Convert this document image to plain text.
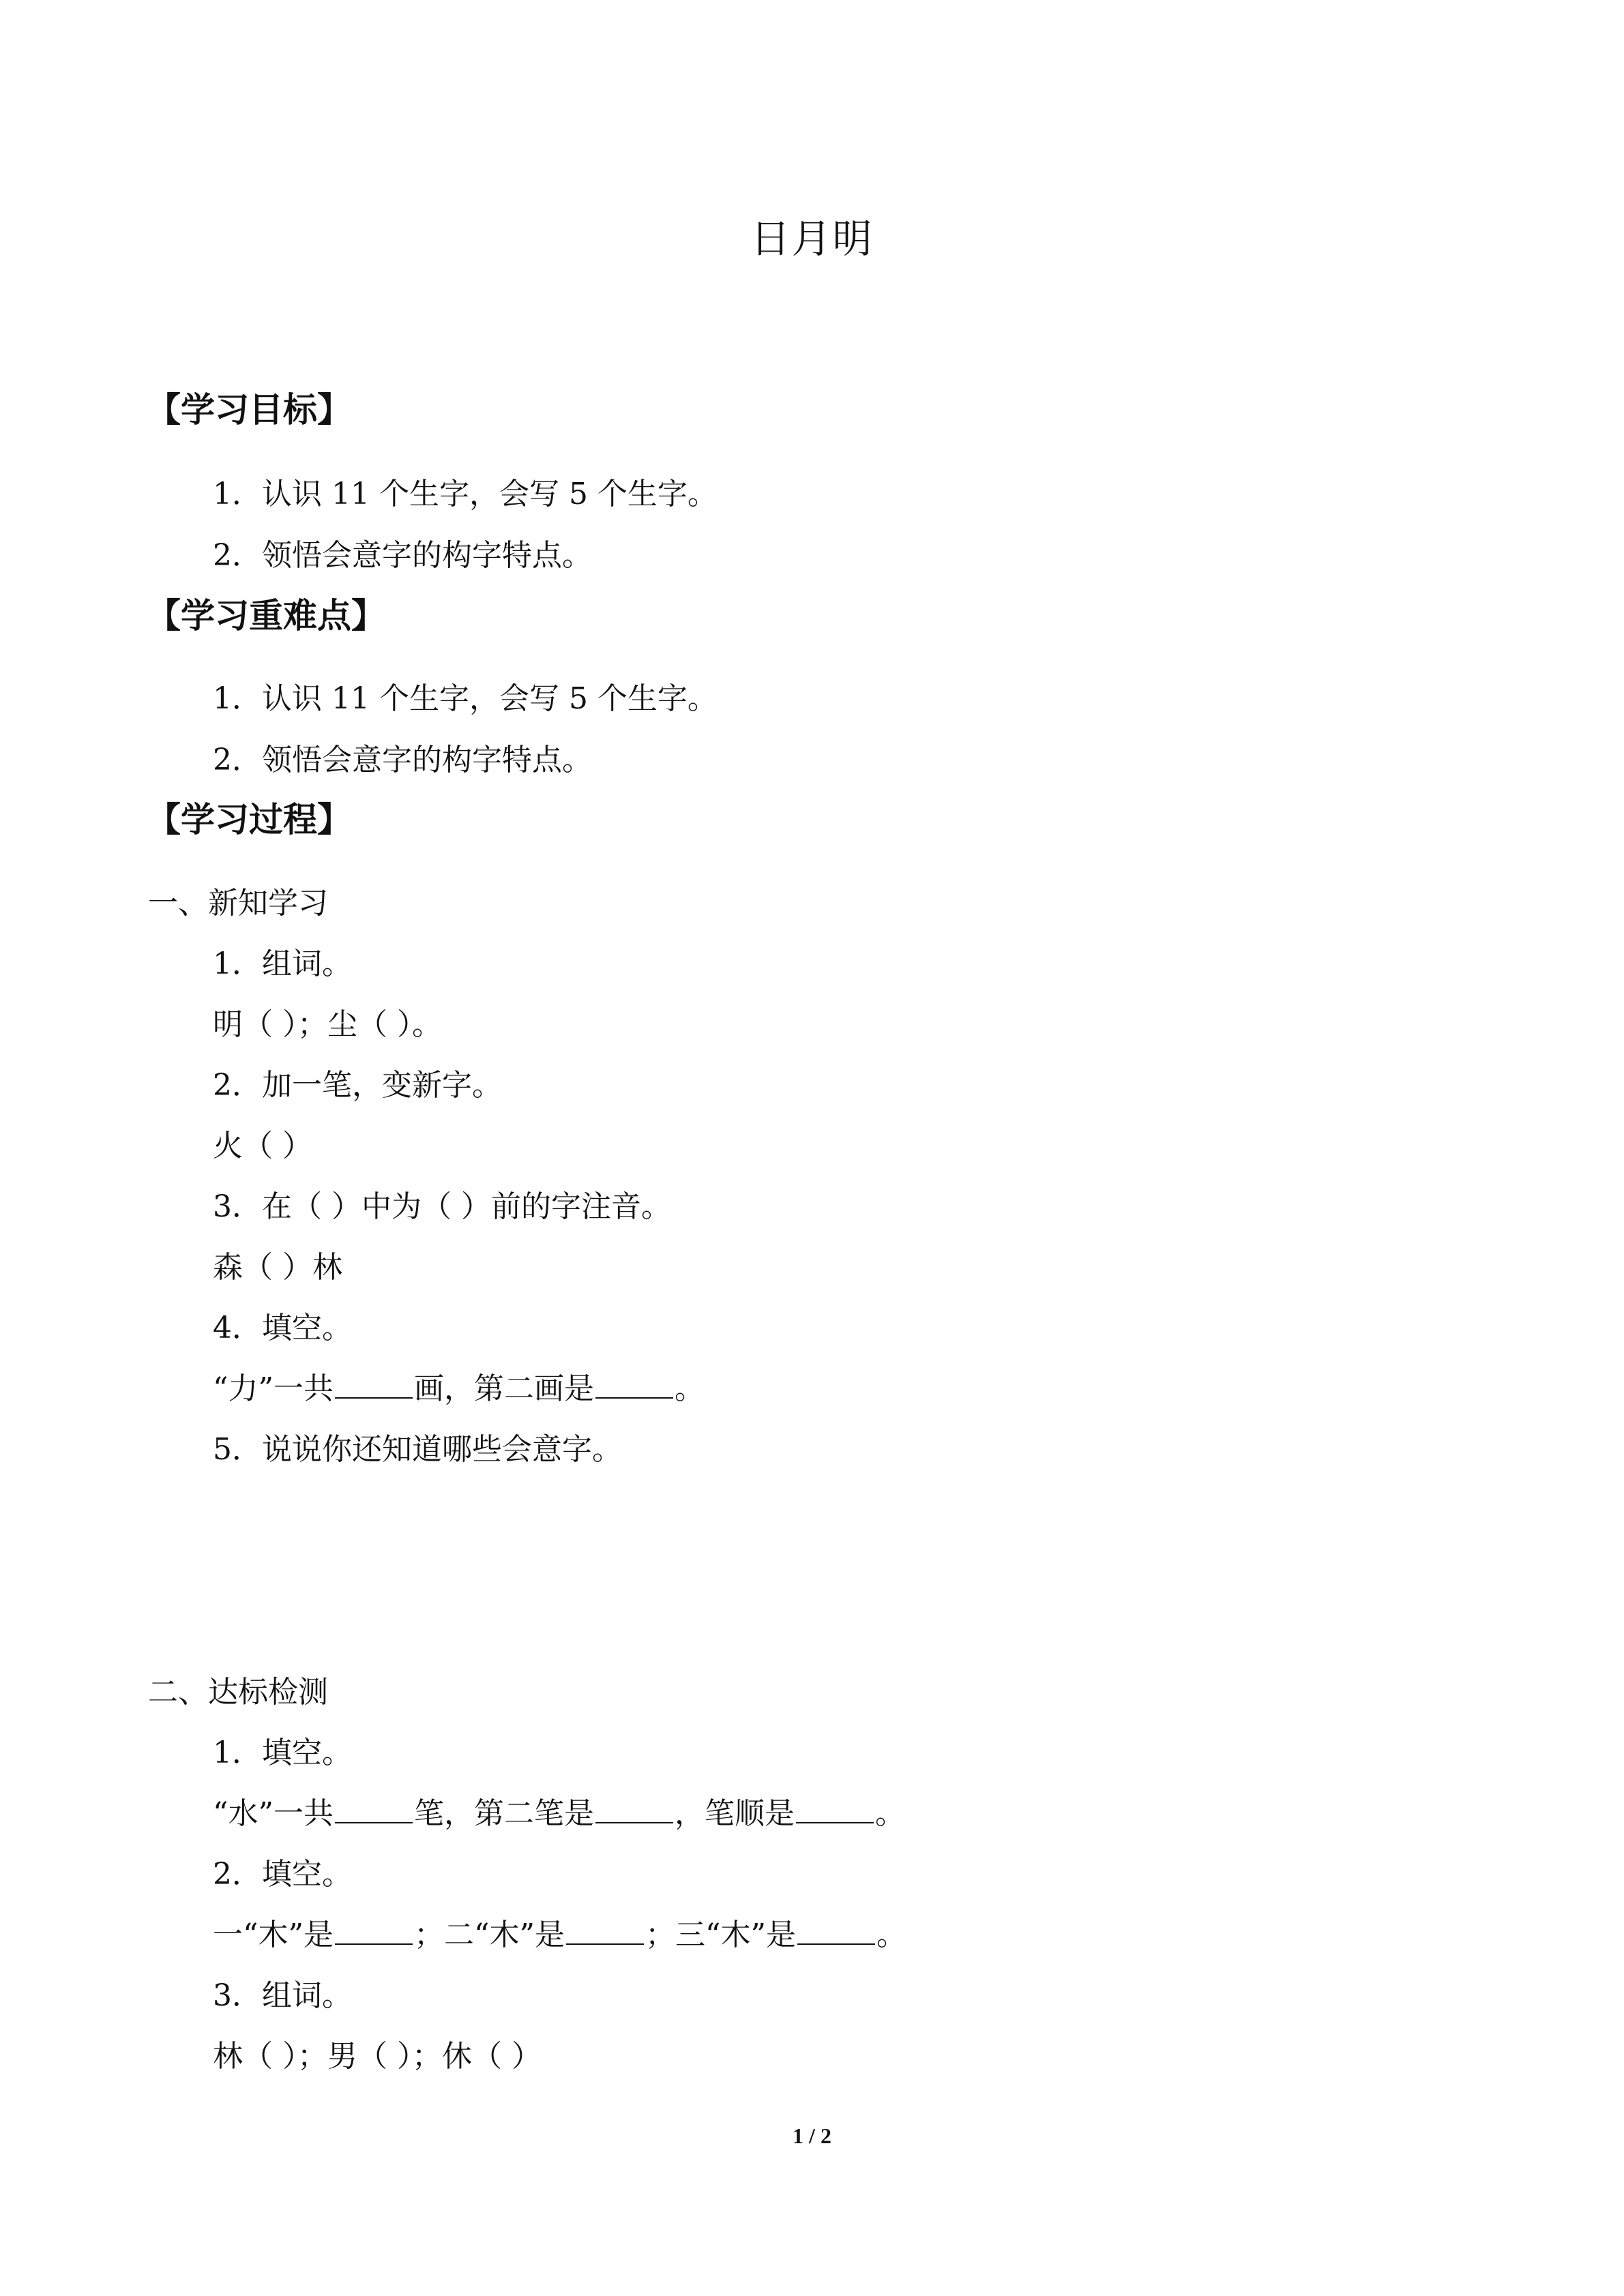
日月明
【学习目标】
1．认识 11 个生字，会写 5 个生字。
2．领悟会意字的构字特点。
【学习重难点】
1．认识 11 个生字，会写 5 个生字。
2．领悟会意字的构字特点。
【学习过程】
一、新知学习
1．组词。
明（ ）；尘（ ）。
2．加一笔，变新字。
火（ ）
3．在（ ）中为（ ）前的字注音。
森（ ）林
4．填空。
“力”一共	画，第二画是	。
5．说说你还知道哪些会意字。
二、达标检测
1．填空。
“水”一共	笔，第二笔是	，笔顺是	。
2．填空。
一“木”是	；二“木”是	；三“木”是	。
3．组词。
林（ ）；男（ ）；休（ ）
1 / 2
